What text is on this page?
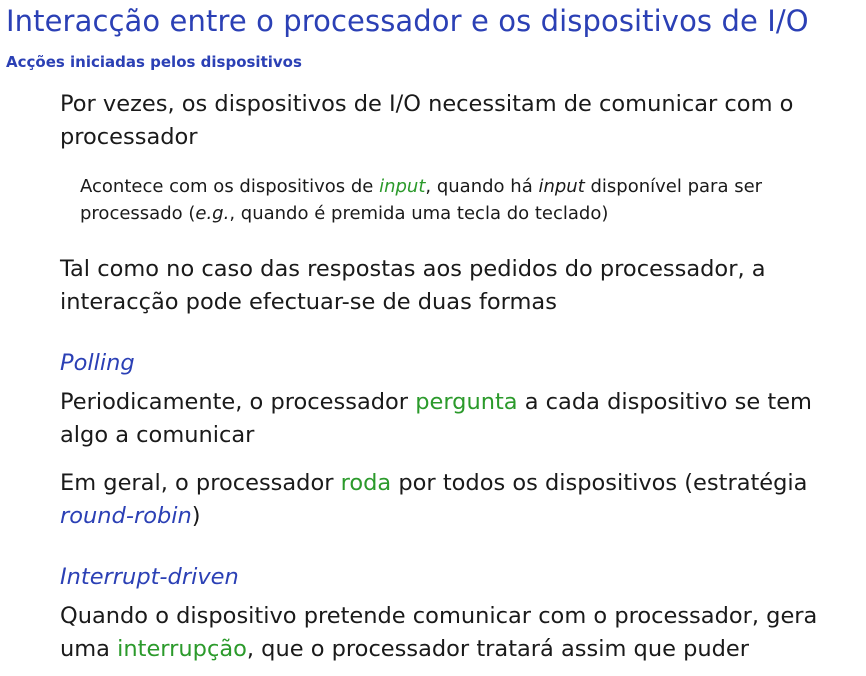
Interacção entre o processador e os dispositivos de I/O
Acções iniciadas pelos dispositivos

Por vezes, os dispositivos de I/O necessitam de comunicar com o processador

Acontece com os dispositivos de input, quando há input disponível para ser processado (e.g., quando é premida uma tecla do teclado)

Tal como no caso das respostas aos pedidos do processador, a interacção pode efectuar-se de duas formas

Polling

Periodicamente, o processador pergunta a cada dispositivo se tem algo a comunicar

Em geral, o processador roda por todos os dispositivos (estratégia round-robin)

Interrupt-driven

Quando o dispositivo pretende comunicar com o processador, gera uma interrupção, que o processador tratará assim que puder
